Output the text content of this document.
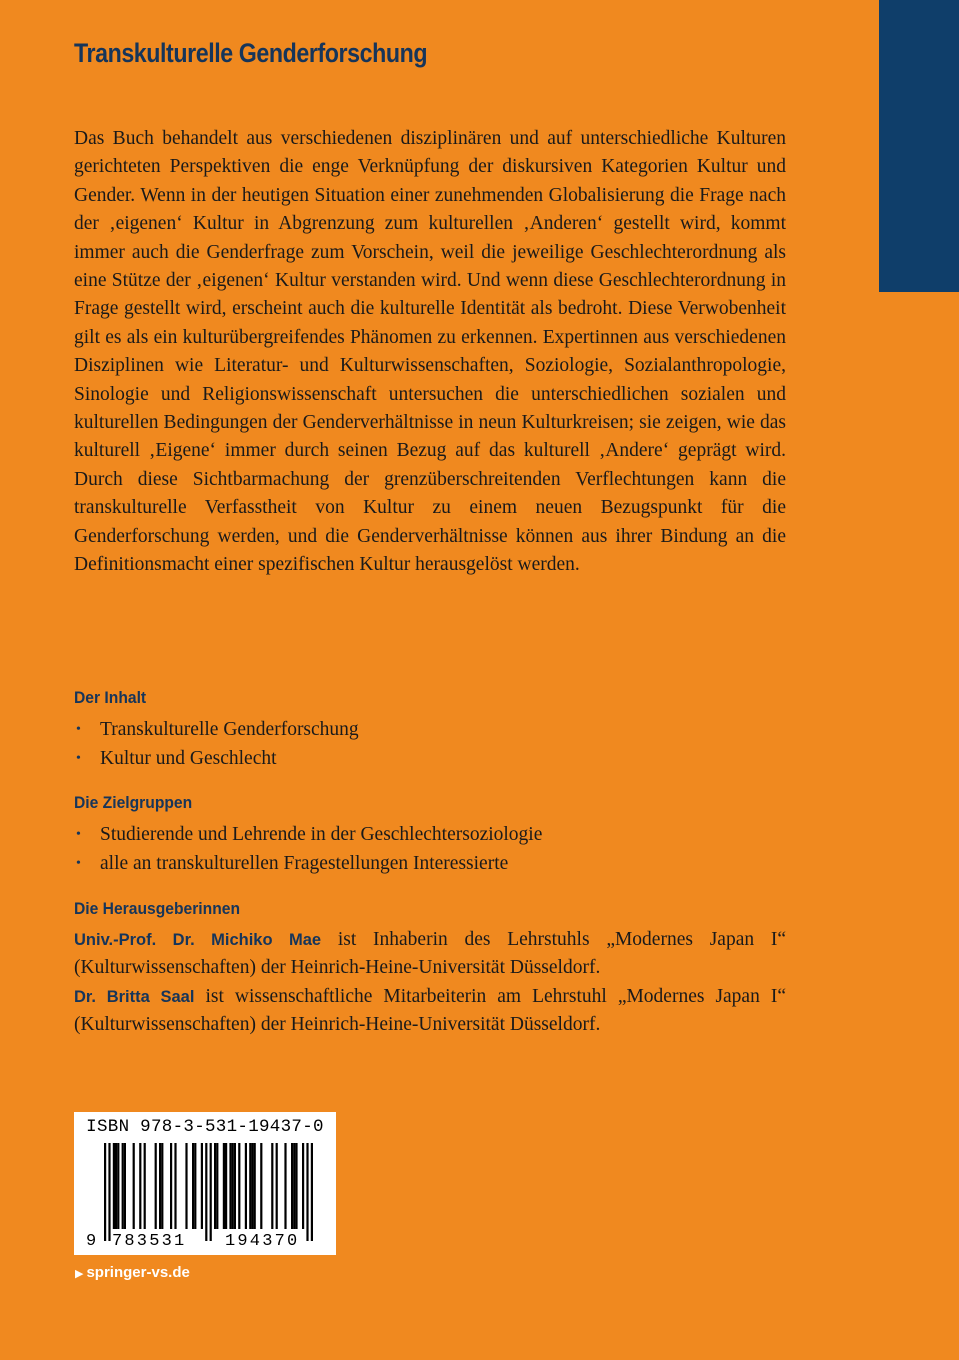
Transkulturelle Genderforschung

Das Buch behandelt aus verschiedenen disziplinären und auf unterschiedliche Kulturen gerichteten Perspektiven die enge Verknüpfung der diskursiven Kategorien Kultur und Gender. Wenn in der heutigen Situation einer zunehmenden Globalisierung die Frage nach der ‚eigenen‘ Kultur in Abgrenzung zum kulturellen ‚Anderen‘ gestellt wird, kommt immer auch die Genderfrage zum Vorschein, weil die jeweilige Geschlechterordnung als eine Stütze der ‚eigenen‘ Kultur verstanden wird. Und wenn diese Geschlechterordnung in Frage gestellt wird, erscheint auch die kulturelle Identität als bedroht. Diese Verwobenheit gilt es als ein kulturübergreifendes Phänomen zu erkennen. Expertinnen aus verschiedenen Disziplinen wie Literatur- und Kulturwissenschaften, Soziologie, Sozialanthropologie, Sinologie und Religionswissenschaft untersuchen die unterschiedlichen sozialen und kulturellen Bedingungen der Genderverhältnisse in neun Kulturkreisen; sie zeigen, wie das kulturell ‚Eigene‘ immer durch seinen Bezug auf das kulturell ‚Andere‘ geprägt wird. Durch diese Sichtbarmachung der grenzüberschreitenden Verflechtungen kann die transkulturelle Verfasstheit von Kultur zu einem neuen Bezugspunkt für die Genderforschung werden, und die Genderverhältnisse können aus ihrer Bindung an die Definitionsmacht einer spezifischen Kultur herausgelöst werden.

Der Inhalt
• Transkulturelle Genderforschung
• Kultur und Geschlecht
Die Zielgruppen
• Studierende und Lehrende in der Geschlechtersoziologie
• alle an transkulturellen Fragestellungen Interessierte
Die Herausgeberinnen
Univ.-Prof. Dr. Michiko Mae ist Inhaberin des Lehrstuhls „Modernes Japan I“ (Kulturwissenschaften) der Heinrich-Heine-Universität Düsseldorf.
Dr. Britta Saal ist wissenschaftliche Mitarbeiterin am Lehrstuhl „Modernes Japan I“ (Kulturwissenschaften) der Heinrich-Heine-Universität Düsseldorf.
ISBN 978-3-531-19437-0
9 783531 194370
▶ springer-vs.de
